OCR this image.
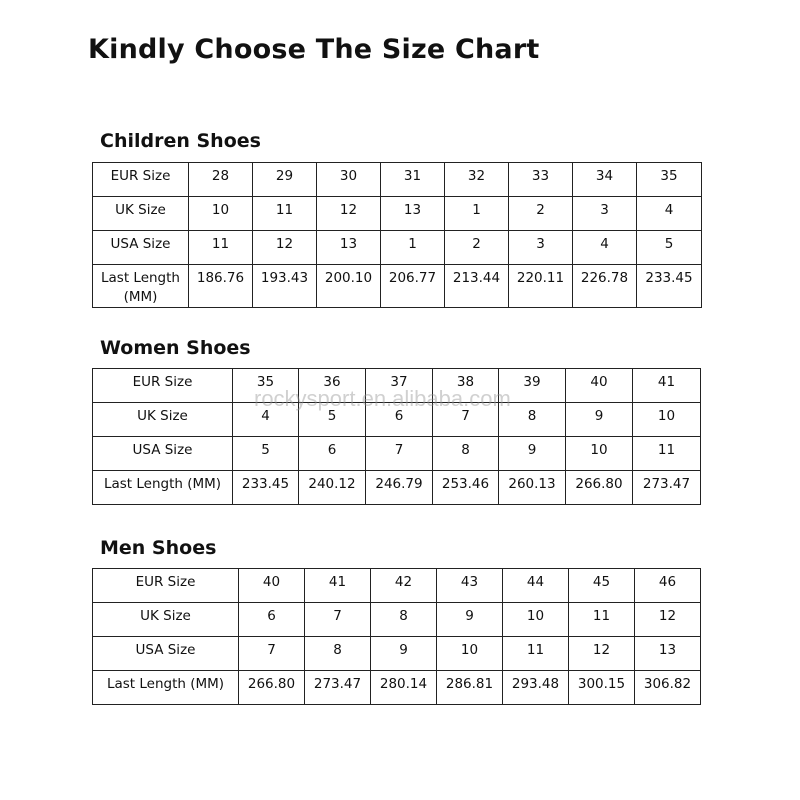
Kindly Choose The Size Chart
Children Shoes
EUR Size	28	29	30	31	32	33	34	35
UK Size	10	11	12	13	1	2	3	4
USA Size	11	12	13	1	2	3	4	5
Last Length (MM)	186.76	193.43	200.10	206.77	213.44	220.11	226.78	233.45
Women Shoes
EUR Size	35	36	37	38	39	40	41
UK Size	4	5	6	7	8	9	10
USA Size	5	6	7	8	9	10	11
Last Length (MM)	233.45	240.12	246.79	253.46	260.13	266.80	273.47
Men Shoes
EUR Size	40	41	42	43	44	45	46
UK Size	6	7	8	9	10	11	12
USA Size	7	8	9	10	11	12	13
Last Length (MM)	266.80	273.47	280.14	286.81	293.48	300.15	306.82
rockysport.en.alibaba.com
